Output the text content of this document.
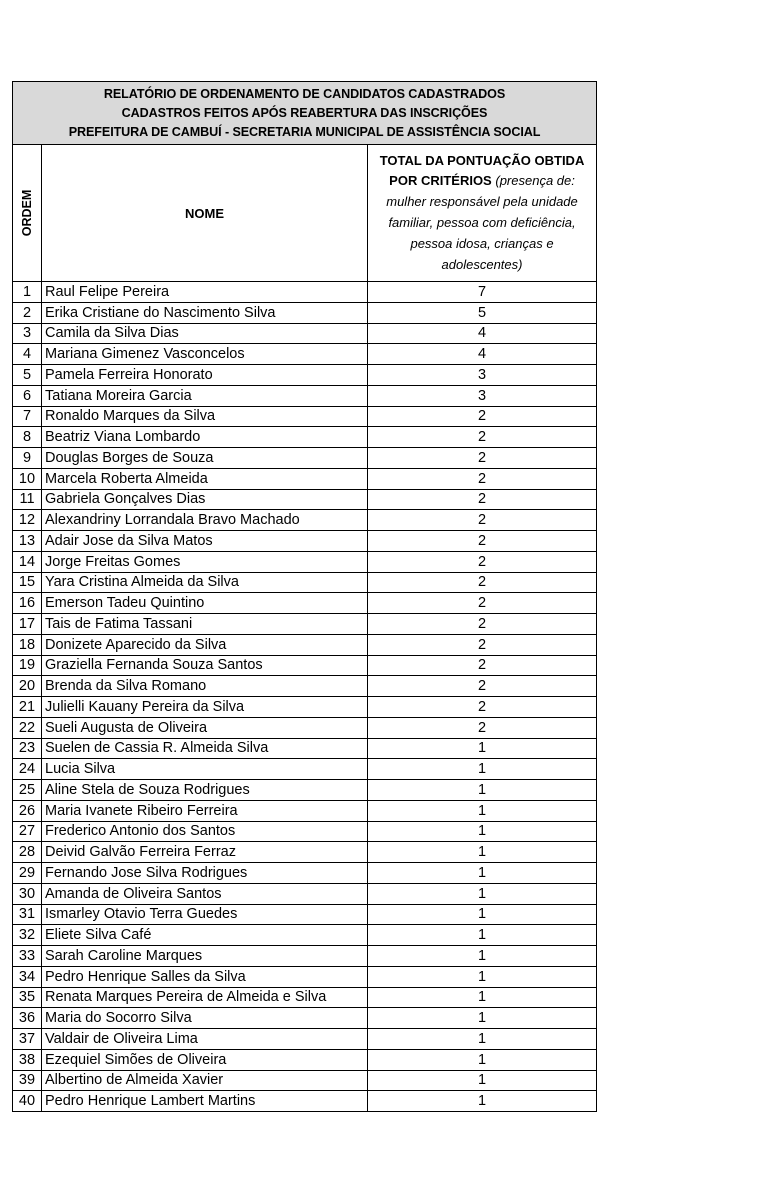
RELATÓRIO DE ORDENAMENTO DE CANDIDATOS CADASTRADOS
CADASTROS FEITOS APÓS REABERTURA DAS INSCRIÇÕES
PREFEITURA DE CAMBUÍ - SECRETARIA MUNICIPAL DE ASSISTÊNCIA SOCIAL		

ORDEM	NOME	TOTAL DA PONTUAÇÃO OBTIDA POR CRITÉRIOS (presença de: mulher responsável pela unidade familiar, pessoa com deficiência, pessoa idosa, crianças e adolescentes)
1	Raul Felipe Pereira	7
2	Erika Cristiane do Nascimento Silva	5
3	Camila da Silva Dias	4
4	Mariana Gimenez Vasconcelos	4
5	Pamela Ferreira Honorato	3
6	Tatiana Moreira Garcia	3
7	Ronaldo Marques da Silva	2
8	Beatriz Viana Lombardo	2
9	Douglas Borges de Souza	2
10	Marcela Roberta Almeida	2
11	Gabriela Gonçalves Dias	2
12	Alexandriny Lorrandala Bravo Machado	2
13	Adair Jose da Silva Matos	2
14	Jorge Freitas Gomes	2
15	Yara Cristina Almeida da Silva	2
16	Emerson Tadeu Quintino	2
17	Tais de Fatima Tassani	2
18	Donizete Aparecido da Silva	2
19	Graziella Fernanda Souza Santos	2
20	Brenda da Silva Romano	2
21	Julielli Kauany Pereira da Silva	2
22	Sueli Augusta de Oliveira	2
23	Suelen de Cassia R. Almeida Silva	1
24	Lucia Silva	1
25	Aline Stela de Souza Rodrigues	1
26	Maria Ivanete Ribeiro Ferreira	1
27	Frederico Antonio dos Santos	1
28	Deivid Galvão Ferreira Ferraz	1
29	Fernando Jose Silva Rodrigues	1
30	Amanda de Oliveira Santos	1
31	Ismarley Otavio Terra Guedes	1
32	Eliete Silva Café	1
33	Sarah Caroline Marques	1
34	Pedro Henrique Salles da Silva	1
35	Renata Marques Pereira de Almeida e Silva	1
36	Maria do Socorro Silva	1
37	Valdair de Oliveira Lima	1
38	Ezequiel Simões de Oliveira	1
39	Albertino de Almeida Xavier	1
40	Pedro Henrique Lambert Martins	1
